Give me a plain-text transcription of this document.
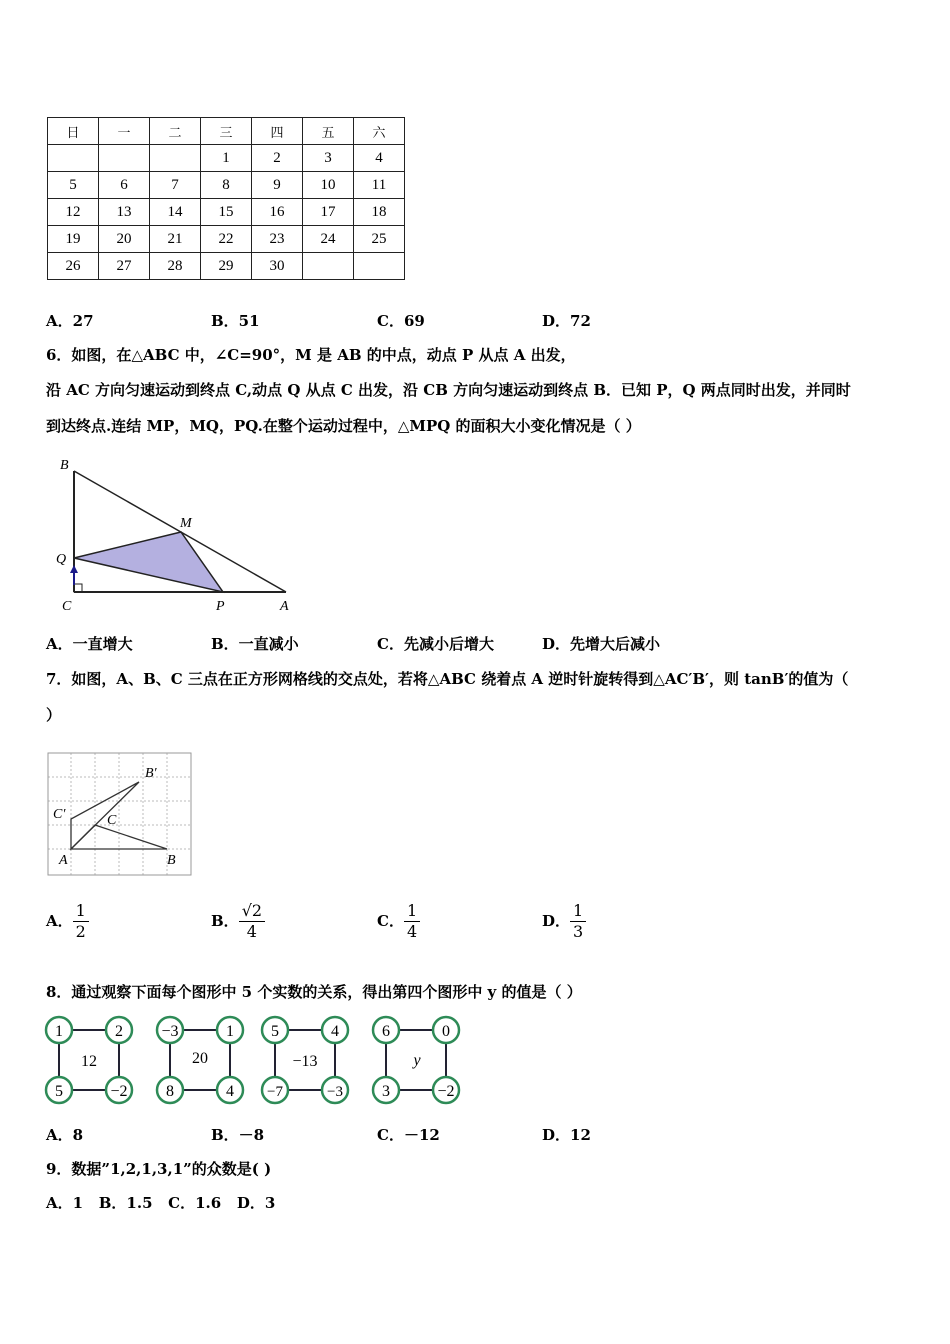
日	一	二	三	四	五	六
			1	2	3	4
5	6	7	8	9	10	11
12	13	14	15	16	17	18
19	20	21	22	23	24	25
26	27	28	29	30		
A．27	B．51	C．69	D．72
6．如图，在△ABC 中，∠C=90°，M 是 AB 的中点，动点 P 从点 A 出发，
沿 AC 方向匀速运动到终点 C,动点 Q 从点 C 出发，沿 CB 方向匀速运动到终点 B．已知 P，Q 两点同时出发，并同时
到达终点.连结 MP，MQ，PQ.在整个运动过程中，△MPQ 的面积大小变化情况是（ ）
B
M
Q
C	P	A
A．一直增大	B．一直减小	C．先减小后增大	D．先增大后减小
7．如图，A、B、C 三点在正方形网格线的交点处，若将△ABC 绕着点 A 逆时针旋转得到△AC′B′，则 tanB′的值为（
）
B′
C′	C
A	B
A． $\frac{1}{2}$	B． $\frac{√2}{4}$	C． $\frac{1}{4}$	D． $\frac{1}{3}$
8．通过观察下面每个图形中 5 个实数的关系，得出第四个图形中 y 的值是（ ）
1	2
12
5	−2
−3	1
20
8	4
5	4
−13
−7	−3
6	0
y
3	−2
A．8	B．－8	C．－12	D．12
9．数据”1,2,1,3,1”的众数是( )
A．1   B．1.5   C．1.6   D．3
